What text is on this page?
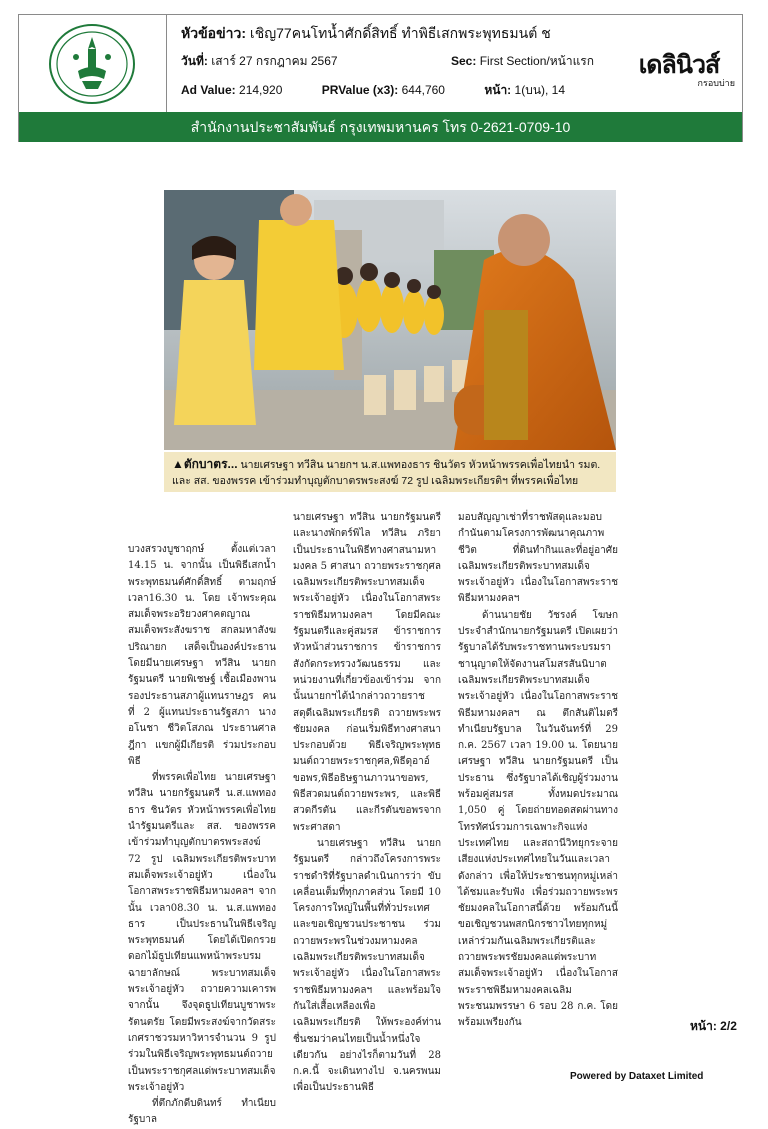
หัวข้อข่าว: เชิญ77คนโทน้ำศักดิ์สิทธิ์ ทำพิธีเสกพระพุทธมนต์ ช
วันที่: เสาร์ 27 กรกฎาคม 2567	Sec: First Section/หน้าแรก
Ad Value: 214,920	PRValue (x3): 644,760	หน้า: 1(บน), 14
เดลินิวส์
กรอบบ่าย
สำนักงานประชาสัมพันธ์ กรุงเทพมหานคร โทร 0-2621-0709-10
▲ตักบาตร... นายเศรษฐา ทวีสิน นายกฯ น.ส.แพทองธาร ชินวัตร หัวหน้าพรรคเพื่อไทยนำ รมต. และ สส. ของพรรค เข้าร่วมทำบุญตักบาตรพระสงฆ์ 72 รูป เฉลิมพระเกียรติฯ ที่พรรคเพื่อไทย

บวงสรวงบูชาฤกษ์ ตั้งแต่เวลา 14.15 น. จากนั้น เป็นพิธีเสกน้ำพระพุทธมนต์ศักดิ์สิทธิ์ ตามฤกษ์เวลา16.30 น. โดย เจ้าพระคุณสมเด็จพระอริยวงศาคตญาณ สมเด็จพระสังฆราช สกลมหาสังฆปริณายก เสด็จเป็นองค์ประธาน โดยมีนายเศรษฐา ทวีสิน นายกรัฐมนตรี นายพิเชษฐ์ เชื้อเมืองพาน รองประธานสภาผู้แทนราษฎร คนที่ 2 ผู้แทนประธานรัฐสภา นางอโนชา ชีวิตโสภณ ประธานศาลฎีกา แขกผู้มีเกียรติ ร่วมประกอบพิธี

ที่พรรคเพื่อไทย นายเศรษฐา ทวีสิน นายกรัฐมนตรี น.ส.แพทองธาร ชินวัตร หัวหน้าพรรคเพื่อไทย นำรัฐมนตรีและ สส. ของพรรค เข้าร่วมทำบุญตักบาตรพระสงฆ์ 72 รูป เฉลิมพระเกียรติพระบาทสมเด็จพระเจ้าอยู่หัว เนื่องในโอกาสพระราชพิธีมหามงคลฯ จากนั้น เวลา08.30 น. น.ส.แพทองธาร เป็นประธานในพิธีเจริญพระพุทธมนต์ โดยได้เปิดกรวยดอกไม้ธูปเทียนแพหน้าพระบรมฉายาลักษณ์ พระบาทสมเด็จพระเจ้าอยู่หัว ถวายความเคารพ จากนั้น จึงจุดธูปเทียนบูชาพระรัตนตรัย โดยมีพระสงฆ์จากวัดสระเกศราชวรมหาวิหารจำนวน 9 รูป ร่วมในพิธีเจริญพระพุทธมนต์ถวายเป็นพระราชกุศลแด่พระบาทสมเด็จพระเจ้าอยู่หัว

ที่ตึกภักดีบดินทร์ ทำเนียบรัฐบาล

นายเศรษฐา ทวีสิน นายกรัฐมนตรี และนางพักตร์พิไล ทวีสิน ภริยา เป็นประธานในพิธีทางศาสนามหามงคล 5 ศาสนา ถวายพระราชกุศล เฉลิมพระเกียรติพระบาทสมเด็จพระเจ้าอยู่หัว เนื่องในโอกาสพระราชพิธีมหามงคลฯ โดยมีคณะรัฐมนตรีและคู่สมรส ข้าราชการ หัวหน้าส่วนราชการ ข้าราชการสังกัดกระทรวงวัฒนธรรม และหน่วยงานที่เกี่ยวข้องเข้าร่วม จากนั้นนายกฯได้นำกล่าวถวายราชสดุดีเฉลิมพระเกียรติ ถวายพระพรชัยมงคล ก่อนเริ่มพิธีทางศาสนาประกอบด้วย พิธีเจริญพระพุทธมนต์ถวายพระราชกุศล,พิธีดุอาอ์ขอพร,พิธีอธิษฐานภาวนาขอพร, พิธีสวดมนต์ถวายพระพร, และพิธีสวดกีรตัน และกีรตันขอพรจากพระศาสดา

นายเศรษฐา ทวีสิน นายกรัฐมนตรี กล่าวถึงโครงการพระราชดำริที่รัฐบาลดำเนินการว่า ขับเคลื่อนเต็มที่ทุกภาคส่วน โดยมี 10 โครงการใหญ่ในพื้นที่ทั่วประเทศ และขอเชิญชวนประชาชน ร่วมถวายพระพรในช่วงมหามงคลเฉลิมพระเกียรติพระบาทสมเด็จพระเจ้าอยู่หัว เนื่องในโอกาสพระราชพิธีมหามงคลฯ และพร้อมใจกันใส่เสื้อเหลืองเพื่อเฉลิมพระเกียรติ ให้พระองค์ท่านชื่นชมว่าคนไทยเป็นน้ำหนึ่งใจเดียวกัน อย่างไรก็ตามวันที่ 28 ก.ค.นี้ จะเดินทางไป จ.นครพนม เพื่อเป็นประธานพิธี

มอบสัญญาเช่าที่ราชพัสดุและมอบกำนันตามโครงการพัฒนาคุณภาพชีวิต ที่ดินทำกินและที่อยู่อาศัยเฉลิมพระเกียรติพระบาทสมเด็จพระเจ้าอยู่หัว เนื่องในโอกาสพระราชพิธีมหามงคลฯ

ด้านนายชัย วัชรงค์ โฆษกประจำสำนักนายกรัฐมนตรี เปิดเผยว่า รัฐบาลได้รับพระราชทานพระบรมราชานุญาตให้จัดงานสโมสรสันนิบาตเฉลิมพระเกียรติพระบาทสมเด็จพระเจ้าอยู่หัว เนื่องในโอกาสพระราชพิธีมหามงคลฯ ณ ตึกสันติไมตรี ทำเนียบรัฐบาล ในวันจันทร์ที่ 29 ก.ค. 2567 เวลา 19.00 น. โดยนายเศรษฐา ทวีสิน นายกรัฐมนตรี เป็นประธาน ซึ่งรัฐบาลได้เชิญผู้ร่วมงานพร้อมคู่สมรส ทั้งหมดประมาณ 1,050 คู่ โดยถ่ายทอดสดผ่านทางโทรทัศน์รวมการเฉพาะกิจแห่งประเทศไทย และสถานีวิทยุกระจายเสียงแห่งประเทศไทยในวันและเวลาดังกล่าว เพื่อให้ประชาชนทุกหมู่เหล่าได้ชมและรับฟัง เพื่อร่วมถวายพระพรชัยมงคลในโอกาสนี้ด้วย พร้อมกันนี้ขอเชิญชวนพสกนิกรชาวไทยทุกหมู่เหล่าร่วมกันเฉลิมพระเกียรติและถวายพระพรชัยมงคลแด่พระบาทสมเด็จพระเจ้าอยู่หัว เนื่องในโอกาสพระราชพิธีมหามงคลเฉลิมพระชนมพรรษา 6 รอบ 28 ก.ค. โดยพร้อมเพรียงกัน	หน้า: 2/2
Powered by Dataxet Limited
